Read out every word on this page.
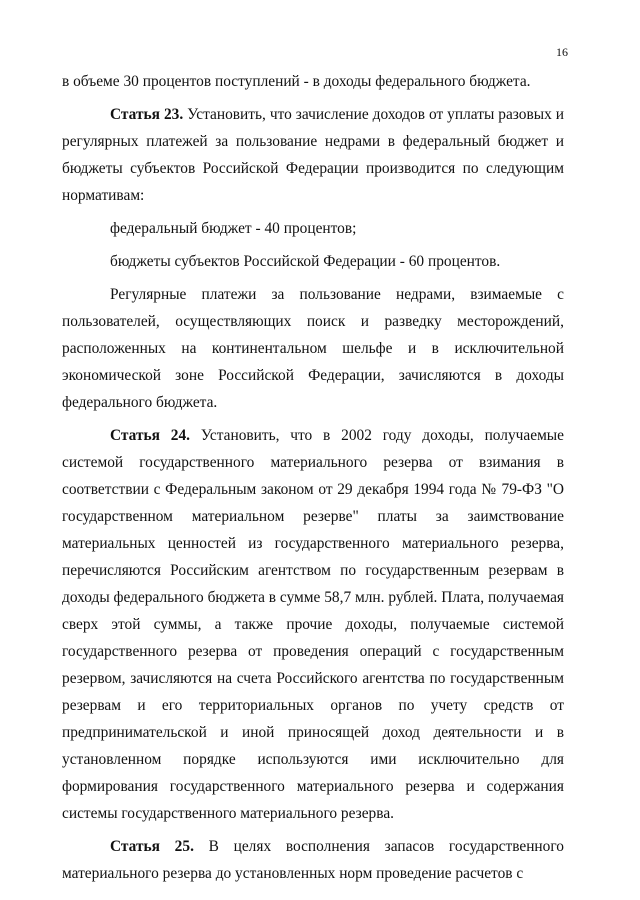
16

в объеме 30 процентов поступлений - в доходы федерального бюджета.

Статья 23. Установить, что зачисление доходов от уплаты разовых и регулярных платежей за пользование недрами в федеральный бюджет и бюджеты субъектов Российской Федерации производится по следующим нормативам:

федеральный бюджет - 40 процентов;

бюджеты субъектов Российской Федерации - 60 процентов.

Регулярные платежи за пользование недрами, взимаемые с пользователей, осуществляющих поиск и разведку месторождений, расположенных на континентальном шельфе и в исключительной экономической зоне Российской Федерации, зачисляются в доходы федерального бюджета.

Статья 24. Установить, что в 2002 году доходы, получаемые системой государственного материального резерва от взимания в соответствии с Федеральным законом от 29 декабря 1994 года № 79-ФЗ "О государственном материальном резерве" платы за заимствование материальных ценностей из государственного материального резерва, перечисляются Российским агентством по государственным резервам в доходы федерального бюджета в сумме 58,7 млн. рублей. Плата, получаемая сверх этой суммы, а также прочие доходы, получаемые системой государственного резерва от проведения операций с государственным резервом, зачисляются на счета Российского агентства по государственным резервам и его территориальных органов по учету средств от предпринимательской и иной приносящей доход деятельности и в установленном порядке используются ими исключительно для формирования государственного материального резерва и содержания системы государственного материального резерва.

Статья 25. В целях восполнения запасов государственного материального резерва до установленных норм проведение расчетов с
